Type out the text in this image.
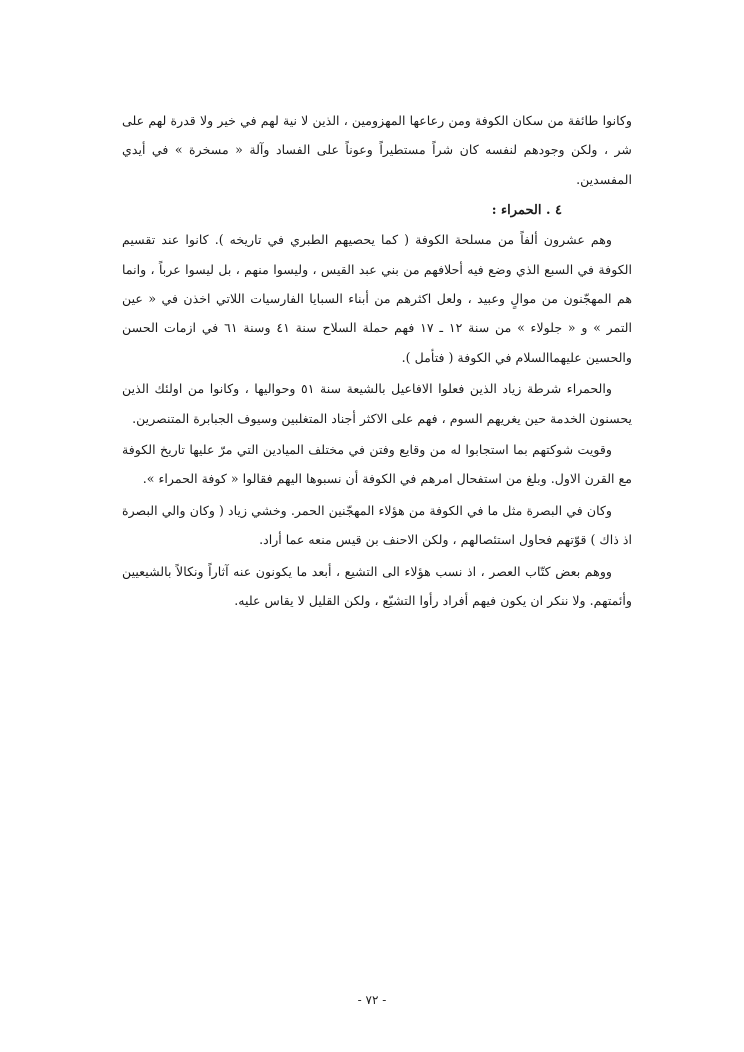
وكانوا طائفة من سكان الكوفة ومن رعاعها المهزومين ، الذين لا نية لهم في خير ولا قدرة لهم على شر ، ولكن وجودهم لنفسه كان شراً مستطيراً وعوناً على الفساد وآلة « مسخرة » في أيدي المفسدين.

٤ . الحمراء :

وهم عشرون ألفاً من مسلحة الكوفة ( كما يحصيهم الطبري في تاريخه ). كانوا عند تقسيم الكوفة في السبع الذي وضع فيه أحلافهم من بني عبد القيس ، وليسوا منهم ، بل ليسوا عرباً ، وانما هم المهجّنون من موالٍ وعبيد ، ولعل اكثرهم من أبناء السبايا الفارسيات اللاتي اخذن في « عين التمر » و « جلولاء » من سنة ١٢ ـ ١٧ فهم حملة السلاح سنة ٤١ وسنة ٦١ في ازمات الحسن والحسين عليهما‌السلام في الكوفة ( فتأمل ).

والحمراء شرطة زياد الذين فعلوا الافاعيل بالشيعة سنة ٥١ وحواليها ، وكانوا من اولئك الذين يحسنون الخدمة حين يغريهم السوم ، فهم على الاكثر أجناد المتغلبين وسيوف الجبابرة المتنصرين.

وقويت شوكتهم بما استجابوا له من وقايع وفتن في مختلف الميادين التي مرّ عليها تاريخ الكوفة مع القرن الاول. وبلغ من استفحال امرهم في الكوفة أن نسبوها اليهم فقالوا « كوفة الحمراء ».

وكان في البصرة مثل ما في الكوفة من هؤلاء المهجّنين الحمر. وخشي زياد ( وكان والي البصرة اذ ذاك ) قوّتهم فحاول استئصالهم ، ولكن الاحنف بن قيس منعه عما أراد.

ووهم بعض كتّاب العصر ، اذ نسب هؤلاء الى التشيع ، أبعد ما يكونون عنه آثاراً ونكالاً بالشيعيين وأئمتهم. ولا ننكر ان يكون فيهم أفراد رأوا التشيّع ، ولكن القليل لا يقاس عليه.

- ٧٢ -
